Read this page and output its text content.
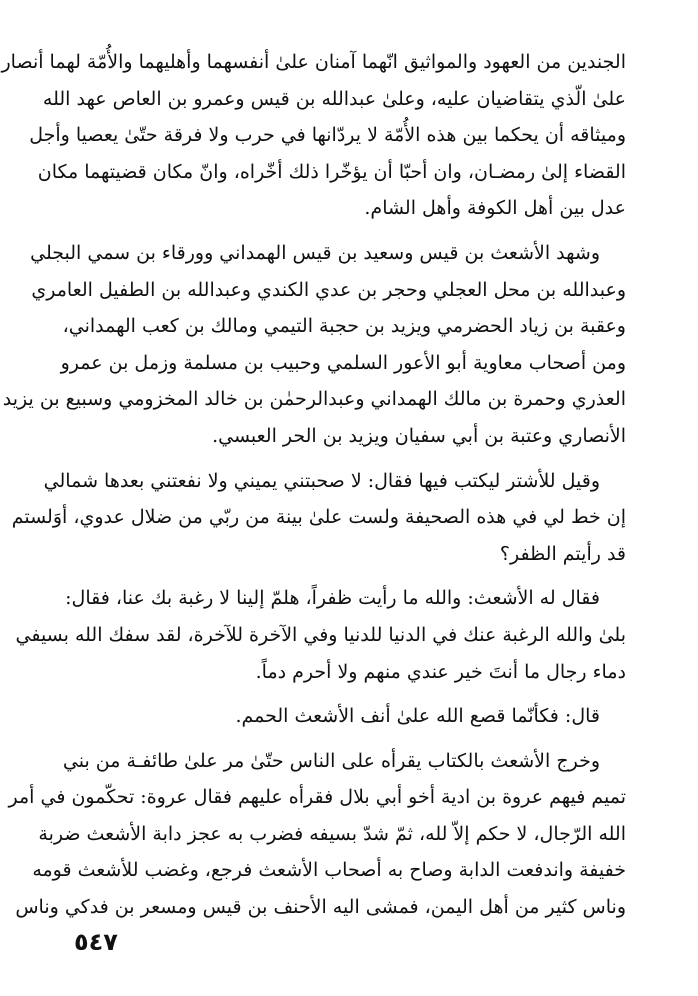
الجندين من العهود والمواثيق انّهما آمنان علىٰ أنفسهما وأهليهما والأُمّة لهما أنصار
علىٰ الّذي يتقاضيان عليه، وعلىٰ عبدالله بن قيس وعمرو بن العاص عهد الله
وميثاقه أن يحكما بين هذه الأُمّة لا يردّانها في حرب ولا فرقة حتّىٰ يعصيا وأجل
القضاء إلىٰ رمضـان، وان أحبّا أن يؤخّرا ذلك أخّراه، وانّ مكان قضيتهما مكان
عدل بين أهل الكوفة وأهل الشام.

وشهد الأشعث بن قيس وسعيد بن قيس الهمداني وورقاء بن سمي البجلي
وعبدالله بن محل العجلي وحجر بن عدي الكندي وعبدالله بن الطفيل العامري
وعقبة بن زياد الحضرمي ويزيد بن حجبة التيمي ومالك بن كعب الهمداني،
ومن أصحاب معاوية أبو الأعور السلمي وحبيب بن مسلمة وزمل بن عمرو
العذري وحمرة بن مالك الهمداني وعبدالرحمٰن بن خالد المخزومي وسبيع بن يزيد
الأنصاري وعتبة بن أبي سفيان ويزيد بن الحر العبسي.

وقيل للأشتر ليكتب فيها فقال: لا صحبتني يميني ولا نفعتني بعدها شمالي
إن خط لي في هذه الصحيفة ولست علىٰ بينة من ربّي من ضلال عدوي، أوَلستم
قد رأيتم الظفر؟

فقال له الأشعث: والله ما رأيت ظفراً، هلمّ إلينا لا رغبة بك عنا، فقال:
بلىٰ والله الرغبة عنك في الدنيا للدنيا وفي الآخرة للآخرة، لقد سفك الله بسيفي
دماء رجال ما أنتَ خير عندي منهم ولا أحرم دماً.

قال: فكأنّما قصع الله علىٰ أنف الأشعث الحمم.

وخرج الأشعث بالكتاب يقرأه على الناس حتّىٰ مر علىٰ طائفـة من بني
تميم فيهم عروة بن ادية أخو أبي بلال فقرأه عليهم فقال عروة: تحكّمون في أمر
الله الرّجال، لا حكم إلاّ لله، ثمّ شدّ بسيفه فضرب به عجز دابة الأشعث ضربة
خفيفة واندفعت الدابة وصاح به أصحاب الأشعث فرجع، وغضب للأشعث قومه
وناس كثير من أهل اليمن، فمشى اليه الأحنف بن قيس ومسعر بن فدكي وناس

٥٤٧
